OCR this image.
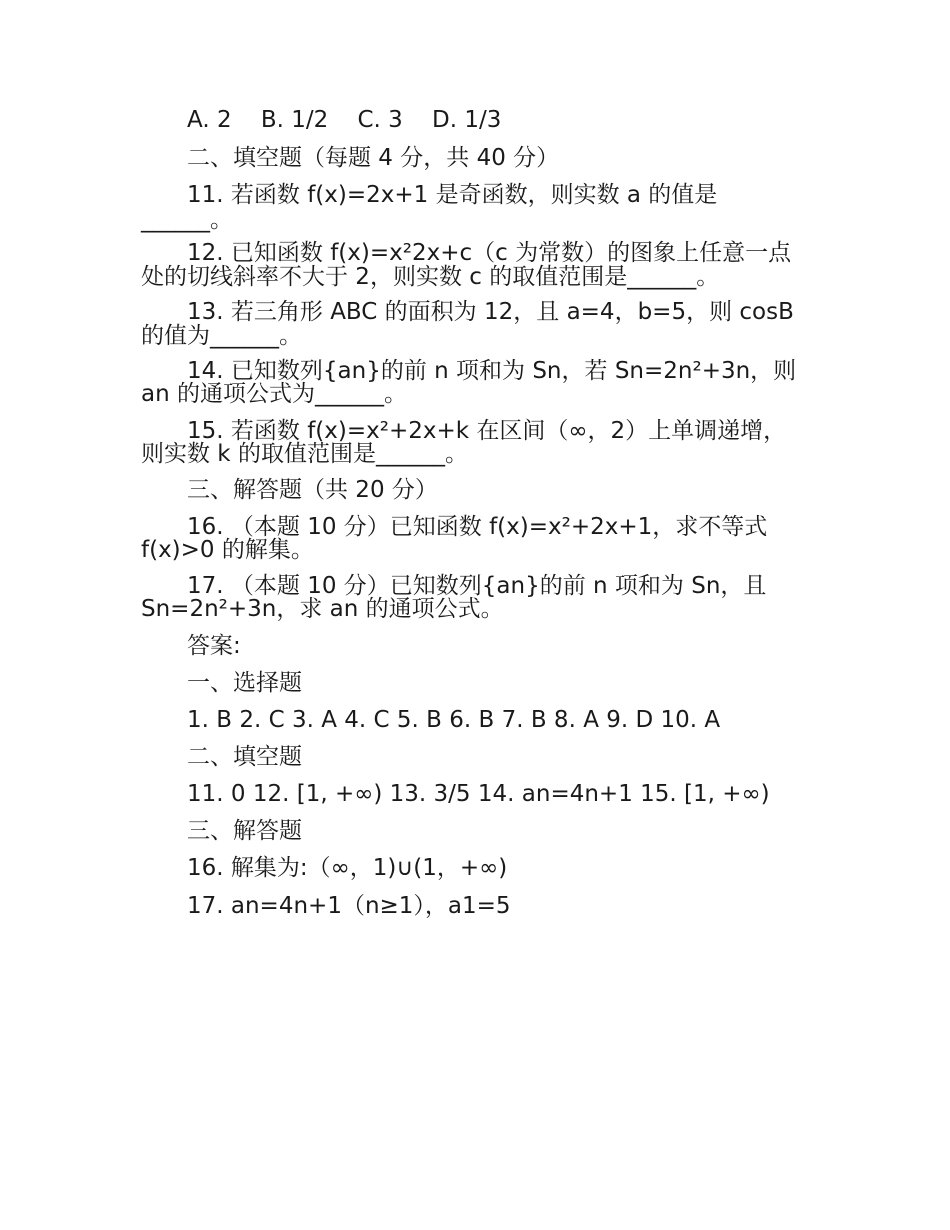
A. 2    B. 1/2    C. 3    D. 1/3
二、填空题（每题 4 分，共 40 分）
11. 若函数 f(x)=2x+1 是奇函数，则实数 a 的值是
______。
12. 已知函数 f(x)=x²2x+c（c 为常数）的图象上任意一点
处的切线斜率不大于 2，则实数 c 的取值范围是______。
13. 若三角形 ABC 的面积为 12，且 a=4，b=5，则 cosB
的值为______。
14. 已知数列{an}的前 n 项和为 Sn，若 Sn=2n²+3n，则
an 的通项公式为______。
15. 若函数 f(x)=x²+2x+k 在区间（∞，2）上单调递增，
则实数 k 的取值范围是______。
三、解答题（共 20 分）
16. （本题 10 分）已知函数 f(x)=x²+2x+1，求不等式
f(x)>0 的解集。
17. （本题 10 分）已知数列{an}的前 n 项和为 Sn，且
Sn=2n²+3n，求 an 的通项公式。
答案:
一、选择题
1. B 2. C 3. A 4. C 5. B 6. B 7. B 8. A 9. D 10. A
二、填空题
11. 0 12. [1, +∞) 13. 3/5 14. an=4n+1 15. [1, +∞)
三、解答题
16. 解集为:（∞，1)∪(1，+∞)
17. an=4n+1（n≥1），a1=5
